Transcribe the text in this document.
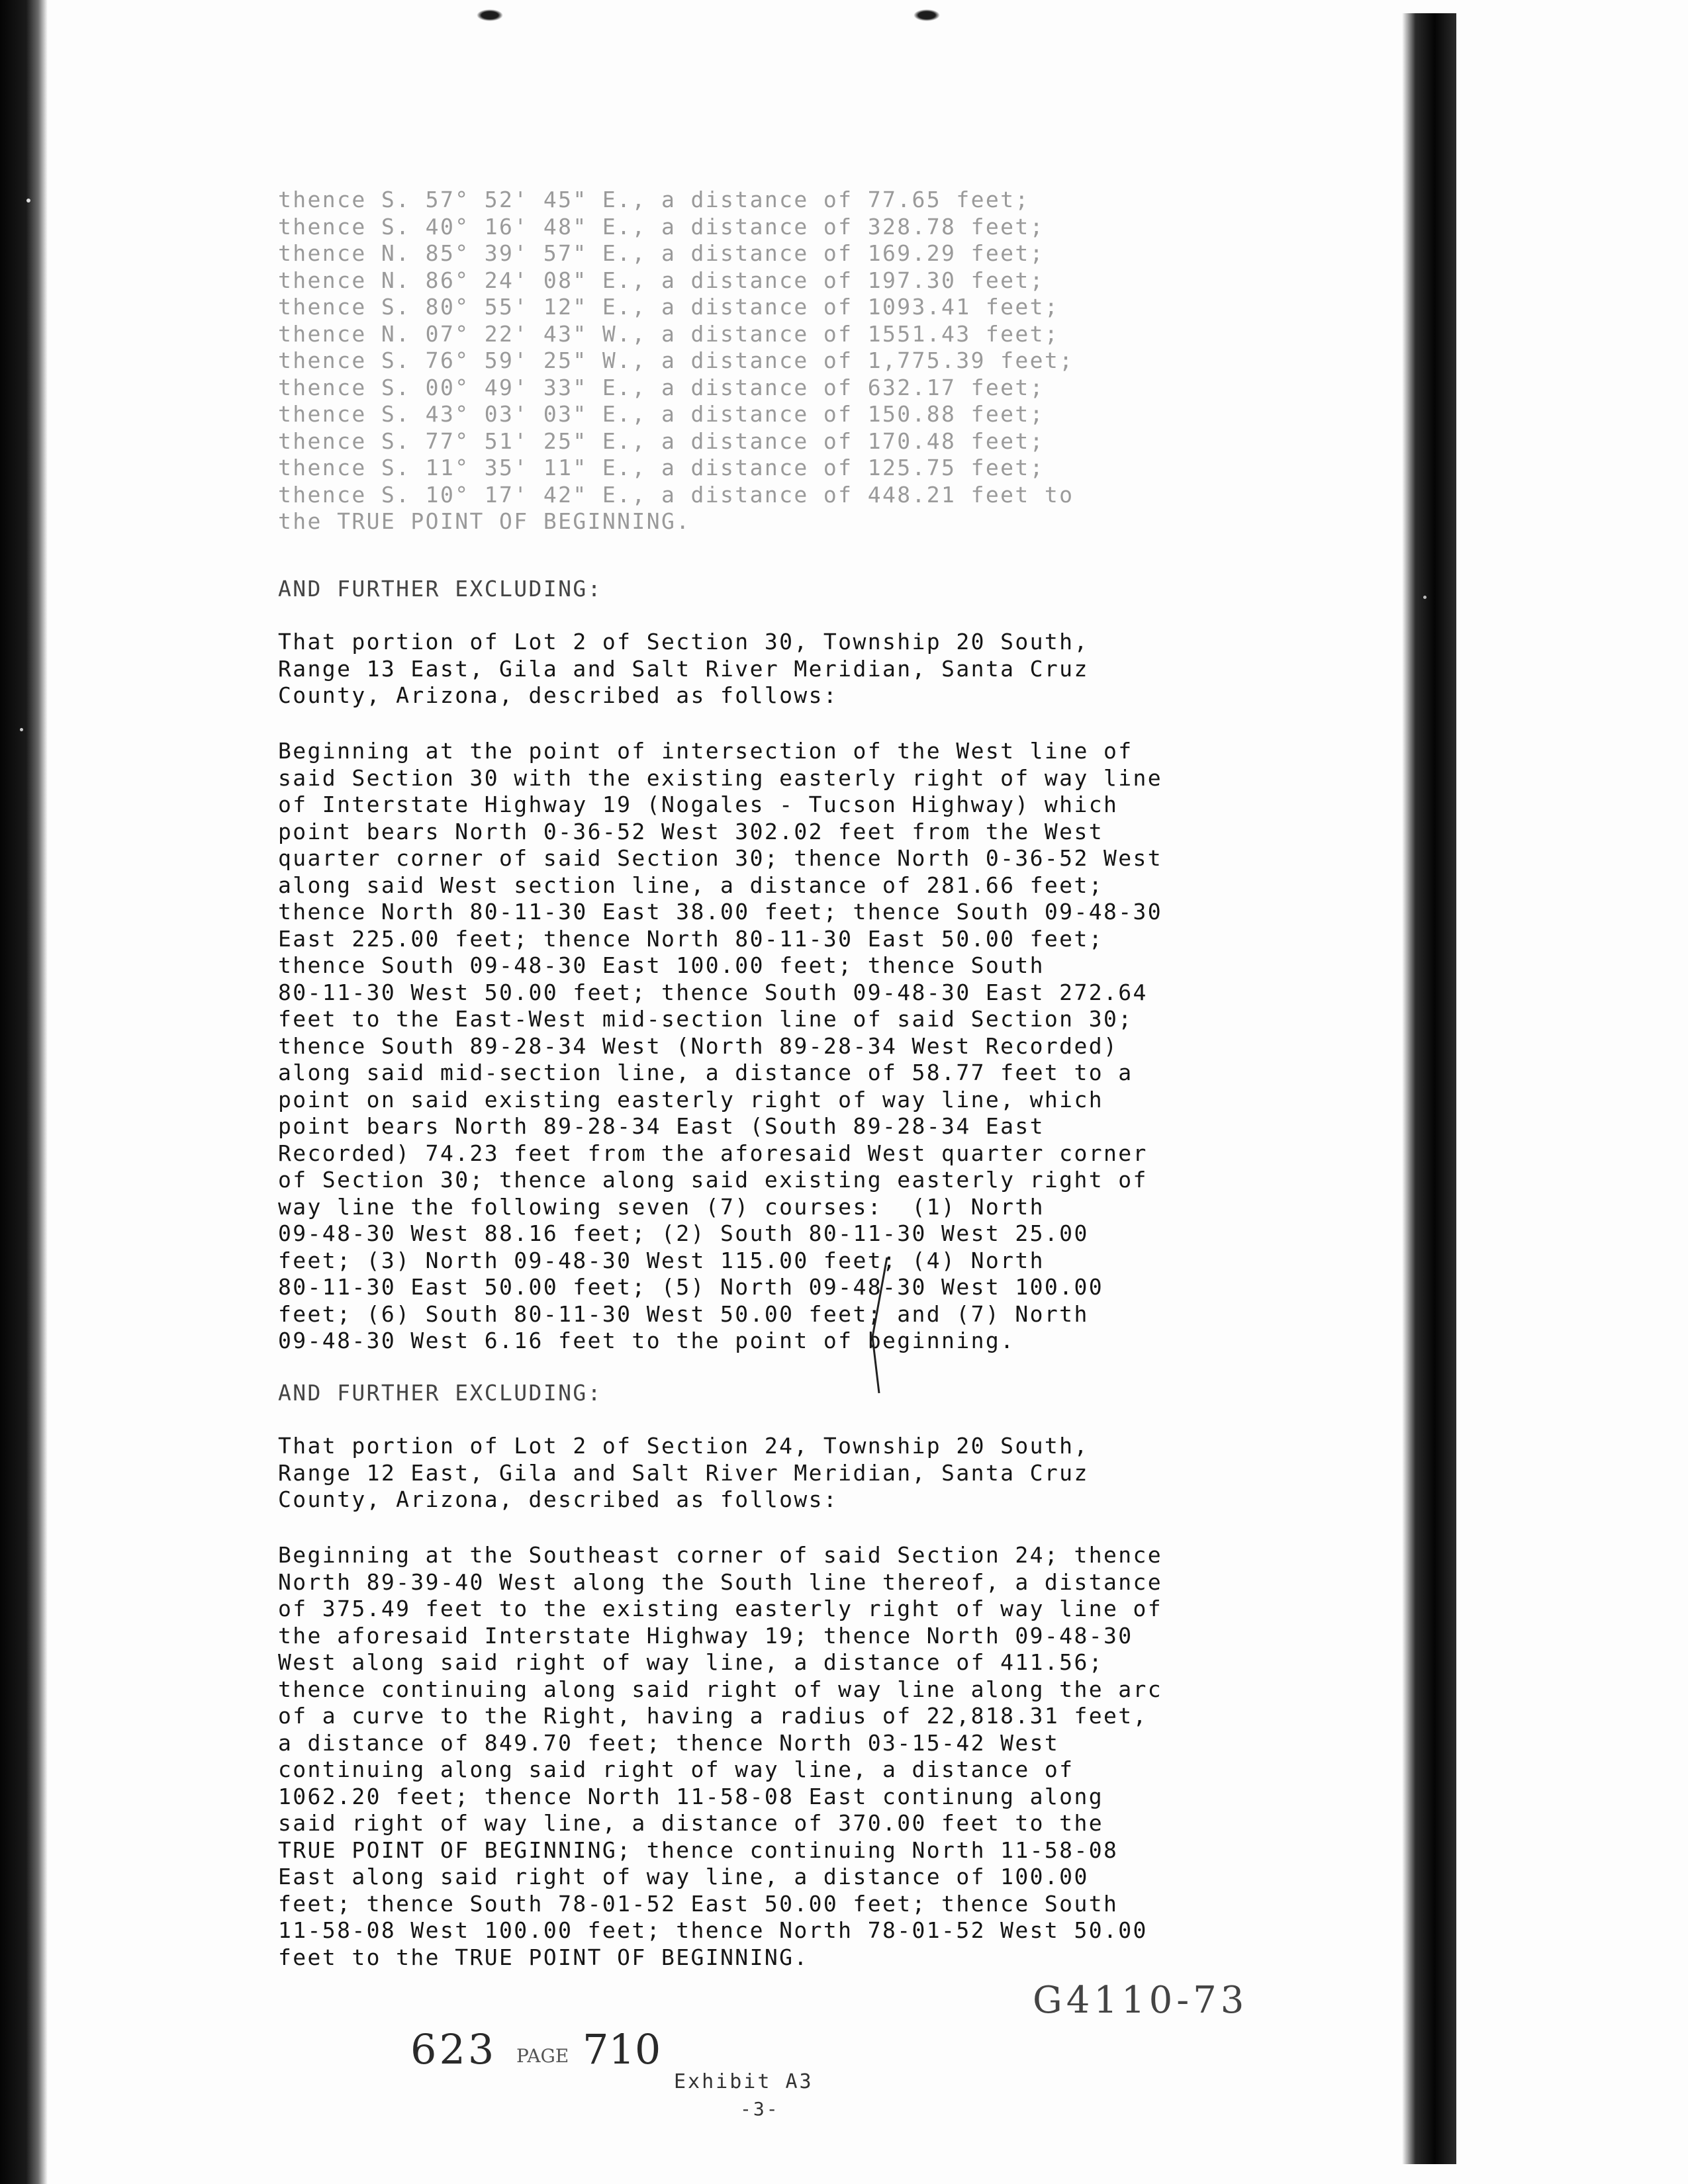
thence S. 57° 52' 45" E., a distance of 77.65 feet;
thence S. 40° 16' 48" E., a distance of 328.78 feet;
thence N. 85° 39' 57" E., a distance of 169.29 feet;
thence N. 86° 24' 08" E., a distance of 197.30 feet;
thence S. 80° 55' 12" E., a distance of 1093.41 feet;
thence N. 07° 22' 43" W., a distance of 1551.43 feet;
thence S. 76° 59' 25" W., a distance of 1,775.39 feet;
thence S. 00° 49' 33" E., a distance of 632.17 feet;
thence S. 43° 03' 03" E., a distance of 150.88 feet;
thence S. 77° 51' 25" E., a distance of 170.48 feet;
thence S. 11° 35' 11" E., a distance of 125.75 feet;
thence S. 10° 17' 42" E., a distance of 448.21 feet to
the TRUE POINT OF BEGINNING.
AND FURTHER EXCLUDING:
That portion of Lot 2 of Section 30, Township 20 South,
Range 13 East, Gila and Salt River Meridian, Santa Cruz
County, Arizona, described as follows:
Beginning at the point of intersection of the West line of
said Section 30 with the existing easterly right of way line
of Interstate Highway 19 (Nogales - Tucson Highway) which
point bears North 0-36-52 West 302.02 feet from the West
quarter corner of said Section 30; thence North 0-36-52 West
along said West section line, a distance of 281.66 feet;
thence North 80-11-30 East 38.00 feet; thence South 09-48-30
East 225.00 feet; thence North 80-11-30 East 50.00 feet;
thence South 09-48-30 East 100.00 feet; thence South
80-11-30 West 50.00 feet; thence South 09-48-30 East 272.64
feet to the East-West mid-section line of said Section 30;
thence South 89-28-34 West (North 89-28-34 West Recorded)
along said mid-section line, a distance of 58.77 feet to a
point on said existing easterly right of way line, which
point bears North 89-28-34 East (South 89-28-34 East
Recorded) 74.23 feet from the aforesaid West quarter corner
of Section 30; thence along said existing easterly right of
way line the following seven (7) courses:  (1) North
09-48-30 West 88.16 feet; (2) South 80-11-30 West 25.00
feet; (3) North 09-48-30 West 115.00 feet; (4) North
80-11-30 East 50.00 feet; (5) North 09-48-30 West 100.00
feet; (6) South 80-11-30 West 50.00 feet; and (7) North
09-48-30 West 6.16 feet to the point of beginning.
AND FURTHER EXCLUDING:
That portion of Lot 2 of Section 24, Township 20 South,
Range 12 East, Gila and Salt River Meridian, Santa Cruz
County, Arizona, described as follows:
Beginning at the Southeast corner of said Section 24; thence
North 89-39-40 West along the South line thereof, a distance
of 375.49 feet to the existing easterly right of way line of
the aforesaid Interstate Highway 19; thence North 09-48-30
West along said right of way line, a distance of 411.56;
thence continuing along said right of way line along the arc
of a curve to the Right, having a radius of 22,818.31 feet,
a distance of 849.70 feet; thence North 03-15-42 West
continuing along said right of way line, a distance of
1062.20 feet; thence North 11-58-08 East continung along
said right of way line, a distance of 370.00 feet to the
TRUE POINT OF BEGINNING; thence continuing North 11-58-08
East along said right of way line, a distance of 100.00
feet; thence South 78-01-52 East 50.00 feet; thence South
11-58-08 West 100.00 feet; thence North 78-01-52 West 50.00
feet to the TRUE POINT OF BEGINNING.
G4110-73
623 PAGE 710
Exhibit A3
-3-
